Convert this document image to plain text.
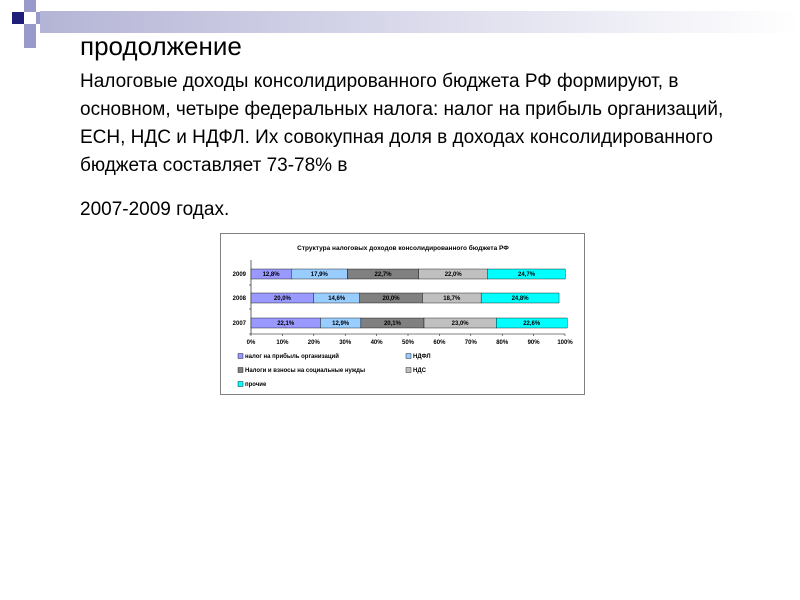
продолжение

Налоговые доходы консолидированного бюджета РФ формируют, в основном, четыре федеральных налога: налог на прибыль организаций, ЕСН, НДС и НДФЛ. Их совокупная доля в доходах консолидированного бюджета составляет 73-78% в
2007-2009 годах.

Структура налоговых доходов консолидированного бюджета РФ
2009
2008
2007
0%	10%	20%	30%	40%	50%	60%	70%	80%	90%	100%
12,8%	17,9%	22,7%	22,0%	24,7%
20,0%	14,6%	20,0%	18,7%	24,8%
22,1%	12,9%	20,1%	23,0%	22,6%
налог на прибыль организаций	НДФЛ
Налоги и взносы на социальные нужды	НДС
прочие
